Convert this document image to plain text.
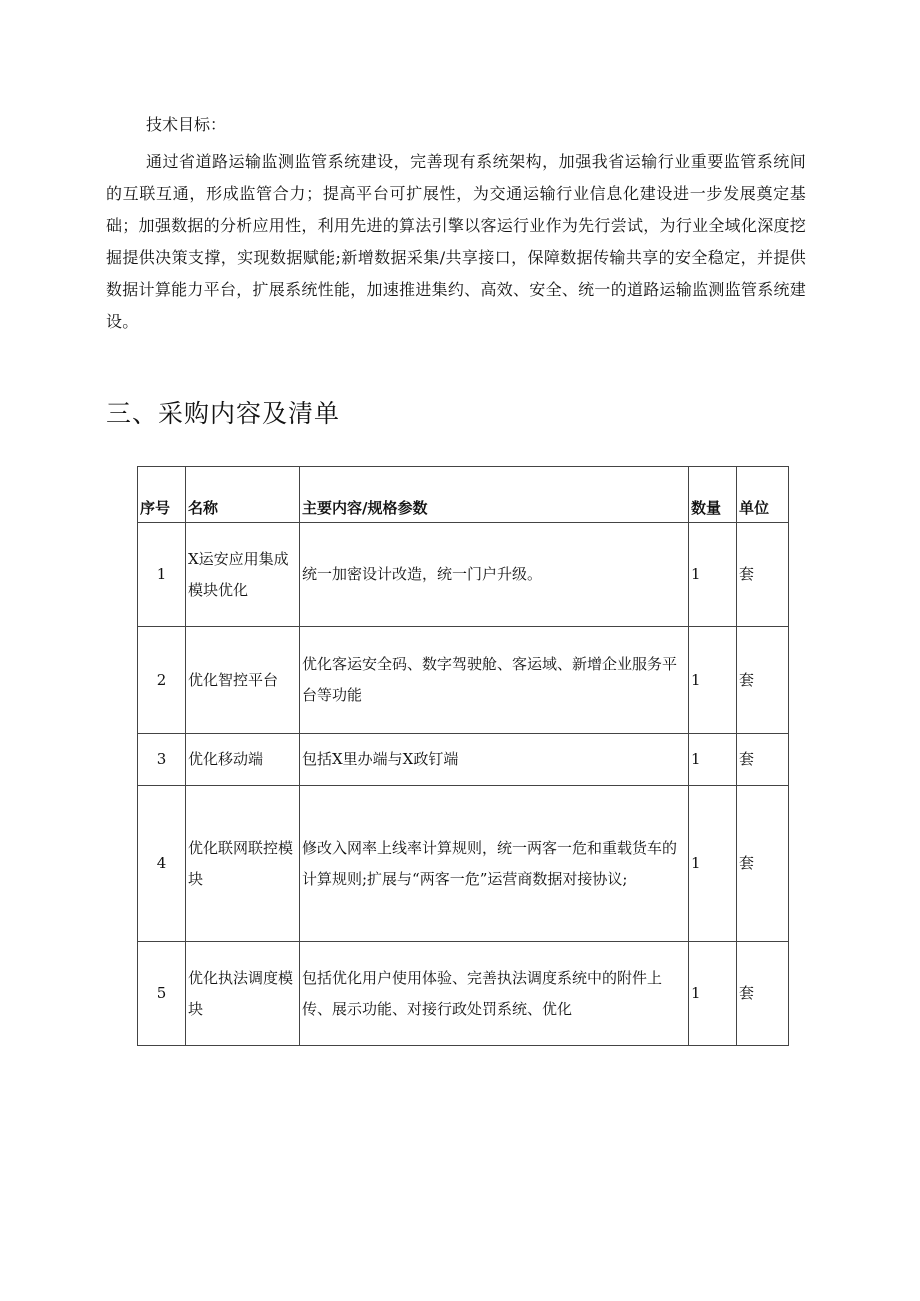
技术目标：
通过省道路运输监测监管系统建设，完善现有系统架构，加强我省运输行业重要监管系统间的互联互通，形成监管合力；提高平台可扩展性，为交通运输行业信息化建设进一步发展奠定基础；加强数据的分析应用性，利用先进的算法引擎以客运行业作为先行尝试，为行业全域化深度挖掘提供决策支撑，实现数据赋能;新增数据采集/共享接口，保障数据传输共享的安全稳定，并提供数据计算能力平台，扩展系统性能，加速推进集约、高效、安全、统一的道路运输监测监管系统建设。
三、采购内容及清单
序号	名称	主要内容/规格参数	数量	单位
1	X运安应用集成模块优化	统一加密设计改造，统一门户升级。	1	套
2	优化智控平台	优化客运安全码、数字驾驶舱、客运域、新增企业服务平台等功能	1	套
3	优化移动端	包括X里办端与X政钉端	1	套
4	优化联网联控模块	修改入网率上线率计算规则，统一两客一危和重载货车的计算规则;扩展与“两客一危”运营商数据对接协议;	1	套
5	优化执法调度模块	包括优化用户使用体验、完善执法调度系统中的附件上传、展示功能、对接行政处罚系统、优化	1	套
